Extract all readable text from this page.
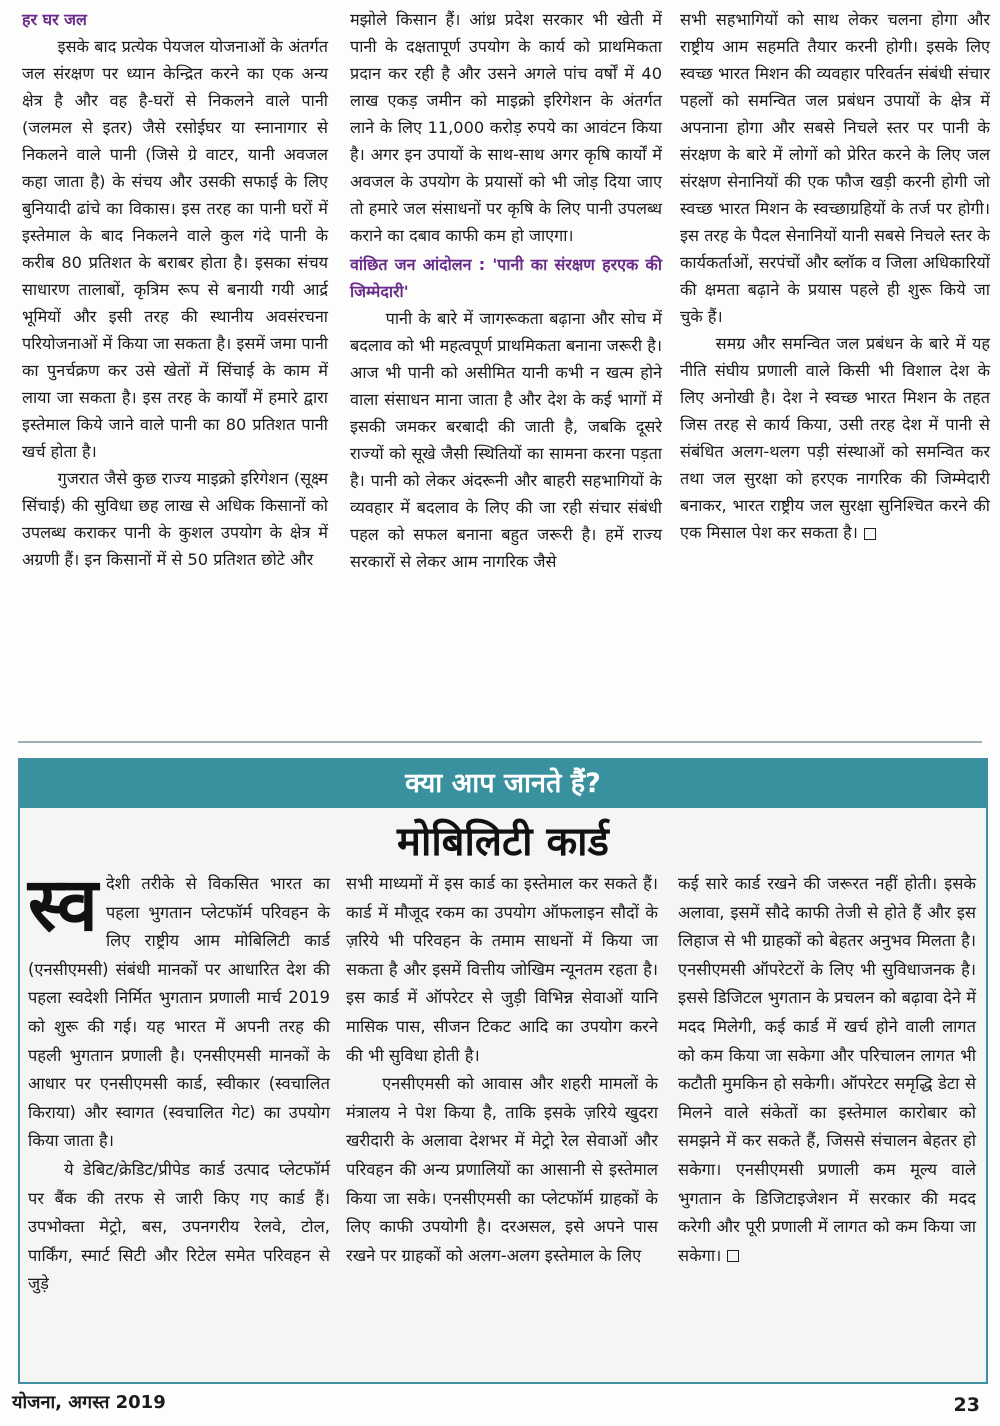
हर घर जल

इसके बाद प्रत्येक पेयजल योजनाओं के अंतर्गत जल संरक्षण पर ध्यान केन्द्रित करने का एक अन्य क्षेत्र है और वह है-घरों से निकलने वाले पानी (जलमल से इतर) जैसे रसोईघर या स्नानागार से निकलने वाले पानी (जिसे ग्रे वाटर, यानी अवजल कहा जाता है) के संचय और उसकी सफाई के लिए बुनियादी ढांचे का विकास। इस तरह का पानी घरों में इस्तेमाल के बाद निकलने वाले कुल गंदे पानी के करीब 80 प्रतिशत के बराबर होता है। इसका संचय साधारण तालाबों, कृत्रिम रूप से बनायी गयी आर्द्र भूमियों और इसी तरह की स्थानीय अवसंरचना परियोजनाओं में किया जा सकता है। इसमें जमा पानी का पुनर्चक्रण कर उसे खेतों में सिंचाई के काम में लाया जा सकता है। इस तरह के कार्यों में हमारे द्वारा इस्तेमाल किये जाने वाले पानी का 80 प्रतिशत पानी खर्च होता है।

गुजरात जैसे कुछ राज्य माइक्रो इरिगेशन (सूक्ष्म सिंचाई) की सुविधा छह लाख से अधिक किसानों को उपलब्ध कराकर पानी के कुशल उपयोग के क्षेत्र में अग्रणी हैं। इन किसानों में से 50 प्रतिशत छोटे और

मझोले किसान हैं। आंध्र प्रदेश सरकार भी खेती में पानी के दक्षतापूर्ण उपयोग के कार्य को प्राथमिकता प्रदान कर रही है और उसने अगले पांच वर्षों में 40 लाख एकड़ जमीन को माइक्रो इरिगेशन के अंतर्गत लाने के लिए 11,000 करोड़ रुपये का आवंटन किया है। अगर इन उपायों के साथ-साथ अगर कृषि कार्यों में अवजल के उपयोग के प्रयासों को भी जोड़ दिया जाए तो हमारे जल संसाधनों पर कृषि के लिए पानी उपलब्ध कराने का दबाव काफी कम हो जाएगा।

वांछित जन आंदोलन : 'पानी का संरक्षण हरएक की जिम्मेदारी'

पानी के बारे में जागरूकता बढ़ाना और सोच में बदलाव को भी महत्वपूर्ण प्राथमिकता बनाना जरूरी है। आज भी पानी को असीमित यानी कभी न खत्म होने वाला संसाधन माना जाता है और देश के कई भागों में इसकी जमकर बरबादी की जाती है, जबकि दूसरे राज्यों को सूखे जैसी स्थितियों का सामना करना पड़ता है। पानी को लेकर अंदरूनी और बाहरी सहभागियों के व्यवहार में बदलाव के लिए की जा रही संचार संबंधी पहल को सफल बनाना बहुत जरूरी है। हमें राज्य सरकारों से लेकर आम नागरिक जैसे

सभी सहभागियों को साथ लेकर चलना होगा और राष्ट्रीय आम सहमति तैयार करनी होगी। इसके लिए स्वच्छ भारत मिशन की व्यवहार परिवर्तन संबंधी संचार पहलों को समन्वित जल प्रबंधन उपायों के क्षेत्र में अपनाना होगा और सबसे निचले स्तर पर पानी के संरक्षण के बारे में लोगों को प्रेरित करने के लिए जल संरक्षण सेनानियों की एक फौज खड़ी करनी होगी जो स्वच्छ भारत मिशन के स्वच्छाग्रहियों के तर्ज पर होगी। इस तरह के पैदल सेनानियों यानी सबसे निचले स्तर के कार्यकर्ताओं, सरपंचों और ब्लॉक व जिला अधिकारियों की क्षमता बढ़ाने के प्रयास पहले ही शुरू किये जा चुके हैं।

समग्र और समन्वित जल प्रबंधन के बारे में यह नीति संघीय प्रणाली वाले किसी भी विशाल देश के लिए अनोखी है। देश ने स्वच्छ भारत मिशन के तहत जिस तरह से कार्य किया, उसी तरह देश में पानी से संबंधित अलग-थलग पड़ी संस्थाओं को समन्वित कर तथा जल सुरक्षा को हरएक नागरिक की जिम्मेदारी बनाकर, भारत राष्ट्रीय जल सुरक्षा सुनिश्चित करने की एक मिसाल पेश कर सकता है।

क्या आप जानते हैं?
मोबिलिटी कार्ड

स्व देशी तरीके से विकसित भारत का पहला भुगतान प्लेटफॉर्म परिवहन के लिए राष्ट्रीय आम मोबिलिटी कार्ड (एनसीएमसी) संबंधी मानकों पर आधारित देश की पहला स्वदेशी निर्मित भुगतान प्रणाली मार्च 2019 को शुरू की गई। यह भारत में अपनी तरह की पहली भुगतान प्रणाली है। एनसीएमसी मानकों के आधार पर एनसीएमसी कार्ड, स्वीकार (स्वचालित किराया) और स्वागत (स्वचालित गेट) का उपयोग किया जाता है।

ये डेबिट/क्रेडिट/प्रीपेड कार्ड उत्पाद प्लेटफॉर्म पर बैंक की तरफ से जारी किए गए कार्ड हैं। उपभोक्ता मेट्रो, बस, उपनगरीय रेलवे, टोल, पार्किंग, स्मार्ट सिटी और रिटेल समेत परिवहन से जुड़े

सभी माध्यमों में इस कार्ड का इस्तेमाल कर सकते हैं। कार्ड में मौजूद रकम का उपयोग ऑफलाइन सौदों के ज़रिये भी परिवहन के तमाम साधनों में किया जा सकता है और इसमें वित्तीय जोखिम न्यूनतम रहता है। इस कार्ड में ऑपरेटर से जुड़ी विभिन्न सेवाओं यानि मासिक पास, सीजन टिकट आदि का उपयोग करने की भी सुविधा होती है।

एनसीएमसी को आवास और शहरी मामलों के मंत्रालय ने पेश किया है, ताकि इसके ज़रिये खुदरा खरीदारी के अलावा देशभर में मेट्रो रेल सेवाओं और परिवहन की अन्य प्रणालियों का आसानी से इस्तेमाल किया जा सके। एनसीएमसी का प्लेटफॉर्म ग्राहकों के लिए काफी उपयोगी है। दरअसल, इसे अपने पास रखने पर ग्राहकों को अलग-अलग इस्तेमाल के लिए

कई सारे कार्ड रखने की जरूरत नहीं होती। इसके अलावा, इसमें सौदे काफी तेजी से होते हैं और इस लिहाज से भी ग्राहकों को बेहतर अनुभव मिलता है। एनसीएमसी ऑपरेटरों के लिए भी सुविधाजनक है। इससे डिजिटल भुगतान के प्रचलन को बढ़ावा देने में मदद मिलेगी, कई कार्ड में खर्च होने वाली लागत को कम किया जा सकेगा और परिचालन लागत भी कटौती मुमकिन हो सकेगी। ऑपरेटर समृद्धि डेटा से मिलने वाले संकेतों का इस्तेमाल कारोबार को समझने में कर सकते हैं, जिससे संचालन बेहतर हो सकेगा। एनसीएमसी प्रणाली कम मूल्य वाले भुगतान के डिजिटाइजेशन में सरकार की मदद करेगी और पूरी प्रणाली में लागत को कम किया जा सकेगा।

योजना, अगस्त 2019	23
